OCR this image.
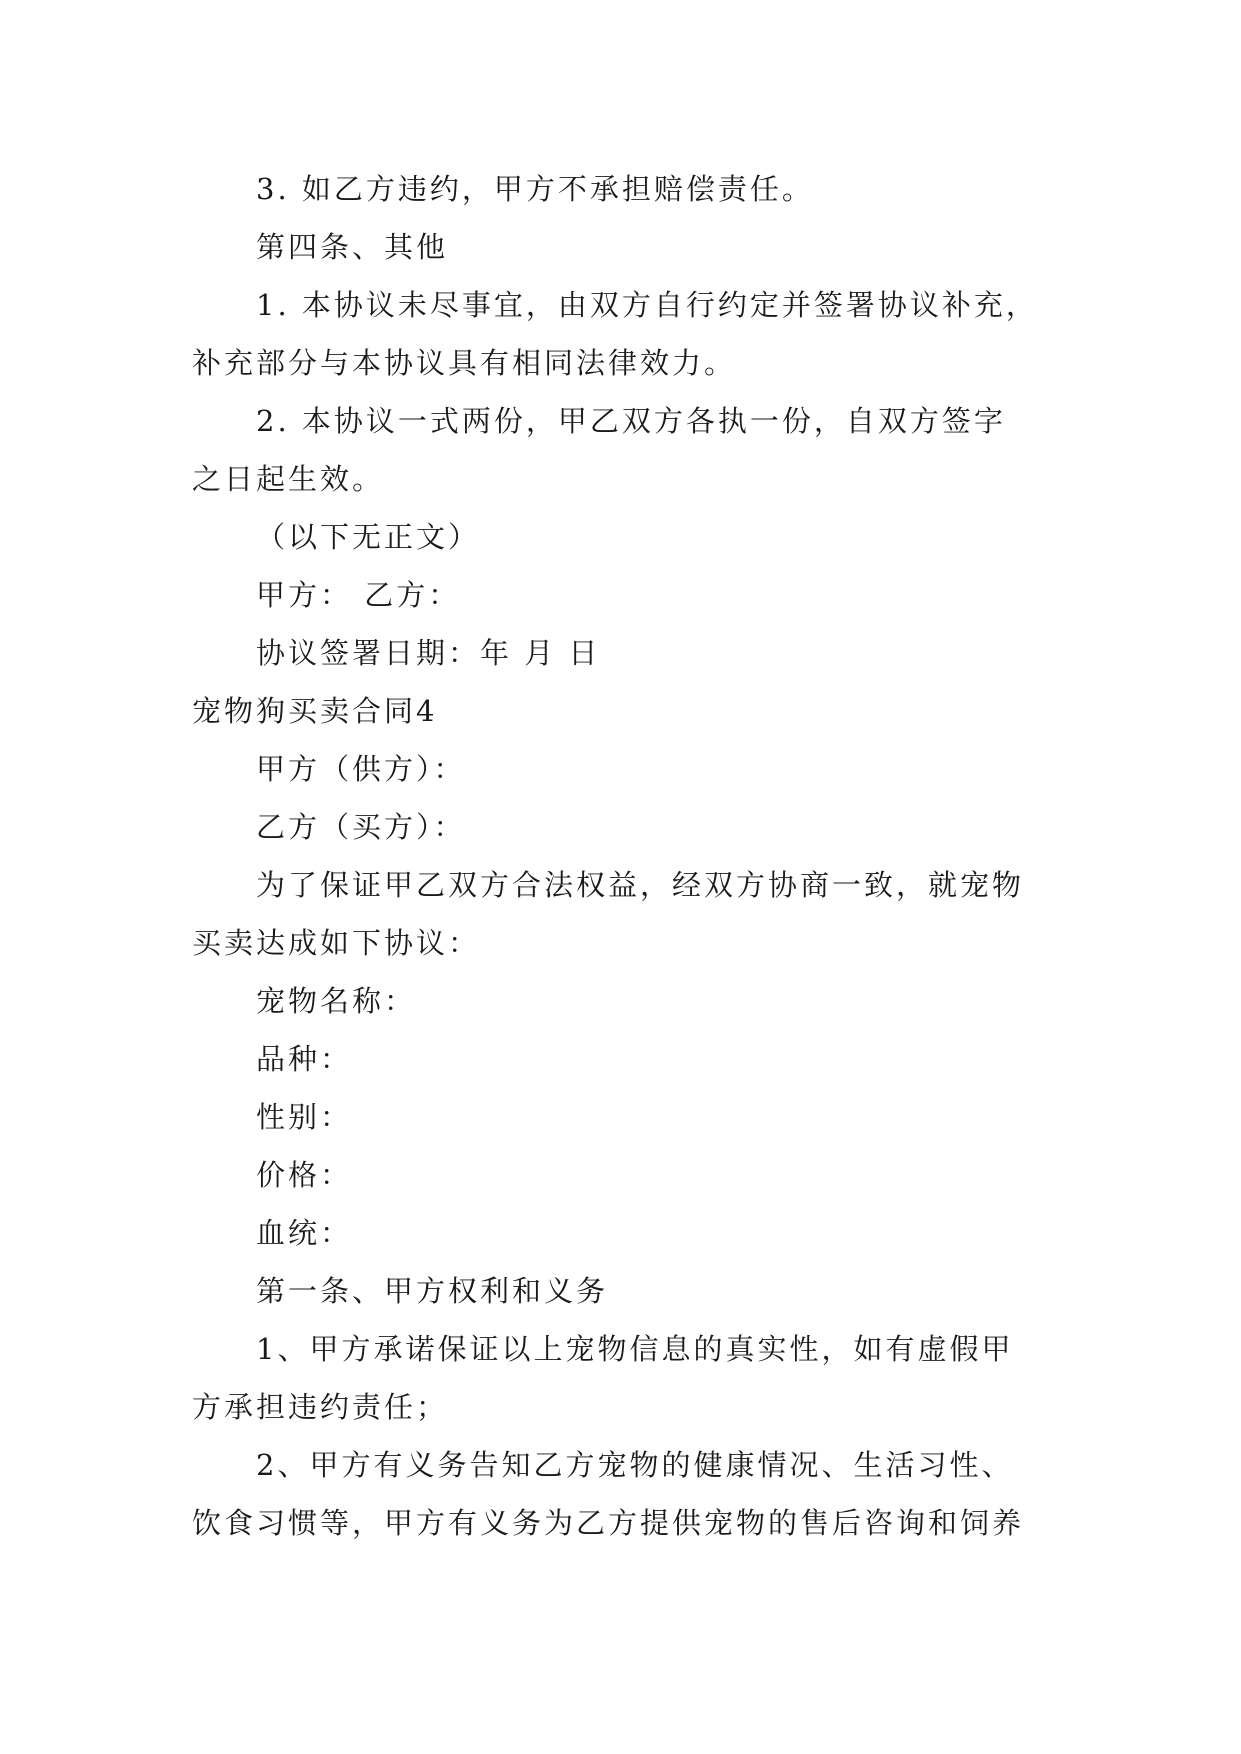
3. 如乙方违约，甲方不承担赔偿责任。
第四条、其他
1. 本协议未尽事宜，由双方自行约定并签署协议补充，
补充部分与本协议具有相同法律效力。
2. 本协议一式两份，甲乙双方各执一份，自双方签字
之日起生效。
（以下无正文）
甲方： 乙方：
协议签署日期：年 月 日
宠物狗买卖合同4
甲方（供方）：
乙方（买方）：
为了保证甲乙双方合法权益，经双方协商一致，就宠物
买卖达成如下协议：
宠物名称：
品种：
性别：
价格：
血统：
第一条、甲方权利和义务
1、甲方承诺保证以上宠物信息的真实性，如有虚假甲
方承担违约责任；
2、甲方有义务告知乙方宠物的健康情况、生活习性、
饮食习惯等，甲方有义务为乙方提供宠物的售后咨询和饲养
